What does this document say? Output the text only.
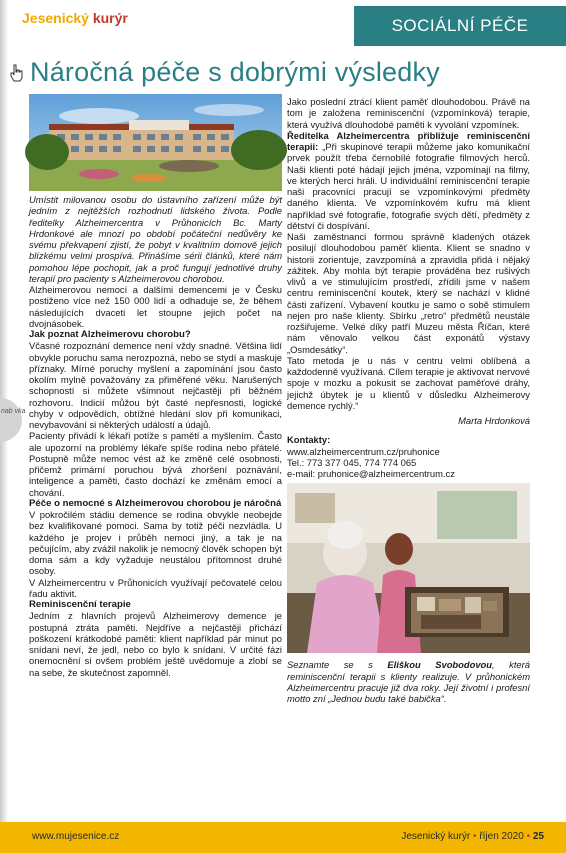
Jesenický kurýr	SOCIÁLNÍ PÉČE
Náročná péče s dobrými výsledky
nab vka

Umístit milovanou osobu do ústavního zařízení může být jedním z nejtěžších rozhodnutí lidského života. Podle ředitelky Alzheimercentra v Průhonicích Bc. Marty Hrdonkové ale mnozí po období počáteční nedůvěry ke svému překvapení zjistí, že pobyt v kvalitním domově jejich blízkému velmi prospívá. Přinášíme sérii článků, které nám pomohou lépe pochopit, jak a proč fungují jednotlivé druhy terapií pro pacienty s Alzheimerovou chorobou.

Alzheimerovou nemocí a dalšími demencemi je v Česku postiženo více než 150 000 lidí a odhaduje se, že během následujících dvaceti let stoupne jejich počet na dvojnásobek.

Jak poznat Alzheimerovu chorobu?

Včasné rozpoznání demence není vždy snadné. Většina lidí obvykle poruchu sama nerozpozná, nebo se stydí a maskuje příznaky. Mírné poruchy myšlení a zapomínání jsou často okolím mylně považovány za přiměřené věku. Narušených schopností si můžete všimnout nejčastěji při běžném rozhovoru. Indicií můžou být časté nepřesnosti, logické chyby v odpovědích, obtížné hledání slov při komunikaci, nevybavování si některých událostí a údajů.

Pacienty přivádí k lékaři potíže s pamětí a myšlením. Často ale upozorní na problémy lékaře spíše rodina nebo přátelé. Postupně může nemoc vést až ke změně celé osobnosti, přičemž primární poruchou bývá zhoršení poznávání, inteligence a paměti, často dochází ke změnám emocí a chování.

Péče o nemocné s Alzheimerovou chorobou je náročná

V pokročilém stádiu demence se rodina obvykle neobejde bez kvalifikované pomoci. Sama by totiž péči nezvládla. U každého je projev i průběh nemoci jiný, a tak je na pečujícím, aby zvážil nakolik je nemocný člověk schopen být doma sám a kdy vyžaduje neustálou přítomnost druhé osoby.

V Alzheimercentru v Průhonicích využívají pečovatelé celou řadu aktivit.

Reminiscenční terapie

Jedním z hlavních projevů Alzheimerovy demence je postupná ztráta paměti. Nejdříve a nejčastěji přichází poškození krátkodobé paměti: klient například pár minut po snídani neví, že jedl, nebo co bylo k snídani. V určité fázi onemocnění si ovšem problém ještě uvědomuje a zlobí se na sebe, že skutečnost zapomněl.

Jako poslední ztrácí klient paměť dlouhodobou. Právě na tom je založena reminiscenční (vzpomínková) terapie, která využívá dlouhodobé paměti k vyvolání vzpomínek.

Ředitelka Alzheimercentra přibližuje reminiscenční terapii: „Při skupinové terapii můžeme jako komunikační prvek použít třeba černobílé fotografie filmových herců. Naši klienti poté hádají jejich jména, vzpomínají na filmy, ve kterých herci hráli. U individuální reminiscenční terapie naši pracovníci pracují se vzpomínkovými předměty daného klienta. Ve vzpomínkovém kufru má klient například své fotografie, fotografie svých dětí, předměty z dětství či dospívání.

Naši zaměstnanci formou správně kladených otázek posilují dlouhodobou paměť klienta. Klient se snadno v historii zorientuje, zavzpomíná a zpravidla přidá i nějaký zážitek. Aby mohla být terapie prováděna bez rušivých vlivů a ve stimulujícím prostředí, zřídili jsme v našem centru reminiscenční koutek, který se nachází v klidné části zařízení. Vybavení koutku je samo o sobě stimulem nejen pro naše klienty. Sbírku „retro“ předmětů neustále rozšiřujeme. Velké díky patří Muzeu města Říčan, které nám věnovalo velkou část exponátů výstavy „Osmdesátky“.

Tato metoda je u nás v centru velmi oblíbená a každodenně využívaná. Cílem terapie je aktivovat nervové spoje v mozku a pokusit se zachovat paměťové dráhy, jejichž úbytek je u klientů v důsledku Alzheimerovy demence rychlý.“

Marta Hrdonková

Kontakty:

www.alzheimercentrum.cz/pruhonice

Tel.: 773 377 045, 774 774 065

e-mail: pruhonice@alzheimercentrum.cz

Seznamte se s Eliškou Svobodovou, která reminiscenční terapii s klienty realizuje. V průhonickém Alzheimercentru pracuje již dva roky. Její životní i profesní motto zní „Jednou budu také babička“.

www.mujesenice.cz	Jesenický kurýr • říjen 2020 • 25
